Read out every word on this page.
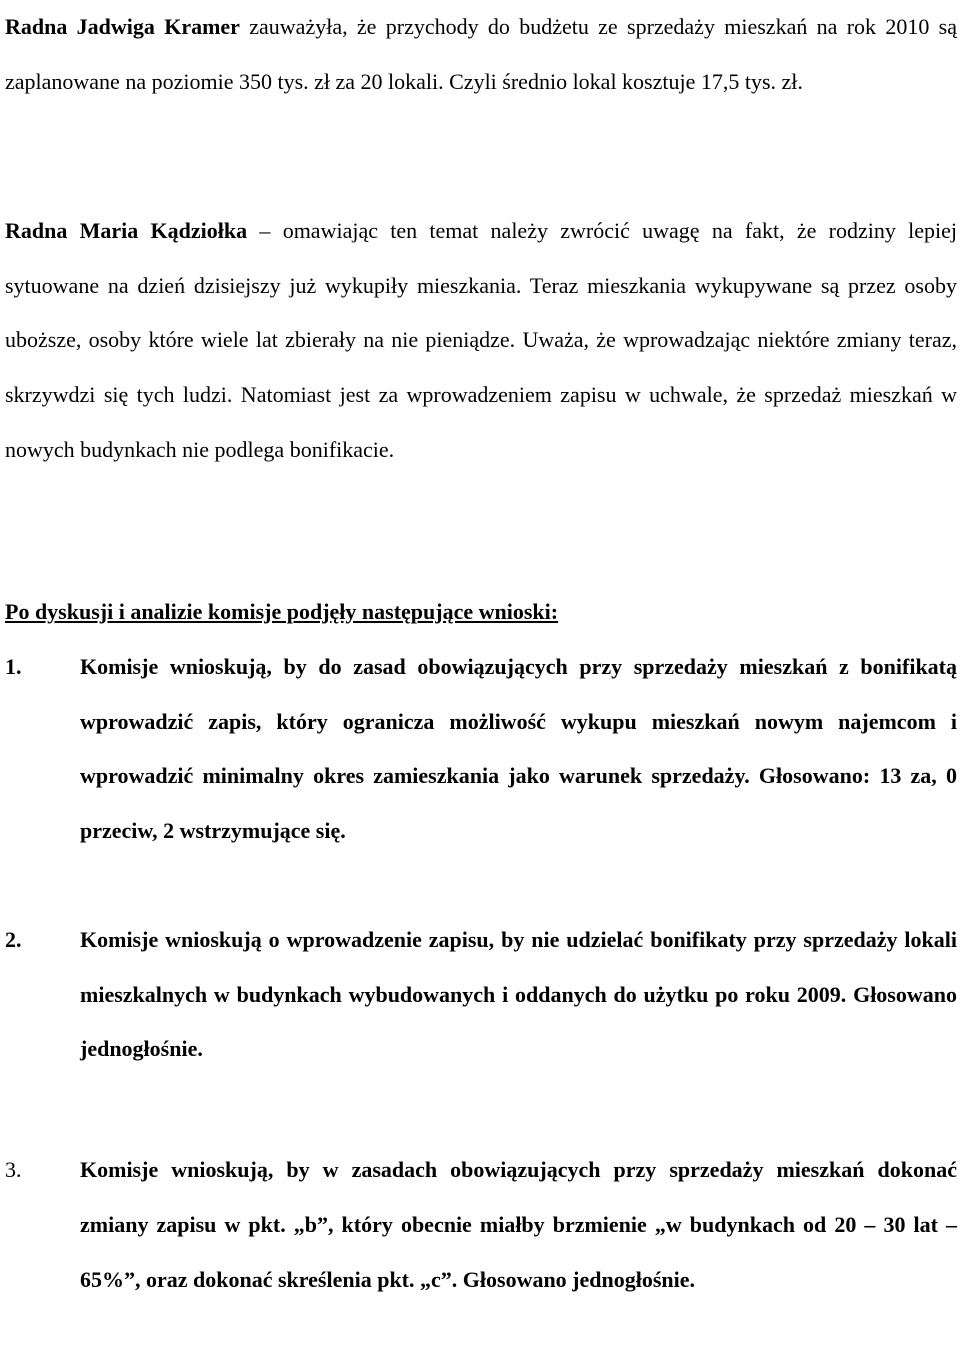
Radna Jadwiga Kramer zauważyła, że przychody do budżetu ze sprzedaży mieszkań na rok 2010 są zaplanowane na poziomie 350 tys. zł za 20 lokali. Czyli średnio lokal kosztuje 17,5 tys. zł.

Radna Maria Kądziołka – omawiając ten temat należy zwrócić uwagę na fakt, że rodziny lepiej sytuowane na dzień dzisiejszy już wykupiły mieszkania. Teraz mieszkania wykupywane są przez osoby uboższe, osoby które wiele lat zbierały na nie pieniądze. Uważa, że wprowadzając niektóre zmiany teraz, skrzywdzi się tych ludzi. Natomiast jest za wprowadzeniem zapisu w uchwale, że sprzedaż mieszkań w nowych budynkach nie podlega bonifikacie.

Po dyskusji i analizie komisje podjęły następujące wnioski:

1.	Komisje wnioskują, by do zasad obowiązujących przy sprzedaży mieszkań z bonifikatą wprowadzić zapis, który ogranicza możliwość wykupu mieszkań nowym najemcom i wprowadzić minimalny okres zamieszkania jako warunek sprzedaży. Głosowano: 13 za, 0 przeciw, 2 wstrzymujące się.

2.	Komisje wnioskują o wprowadzenie zapisu, by nie udzielać bonifikaty przy sprzedaży lokali mieszkalnych w budynkach wybudowanych i oddanych do użytku po roku 2009. Głosowano jednogłośnie.

3.	Komisje wnioskują, by w zasadach obowiązujących przy sprzedaży mieszkań dokonać zmiany zapisu w pkt. „b”, który obecnie miałby brzmienie „w budynkach od 20 – 30 lat – 65%”, oraz dokonać skreślenia pkt. „c”. Głosowano jednogłośnie.
